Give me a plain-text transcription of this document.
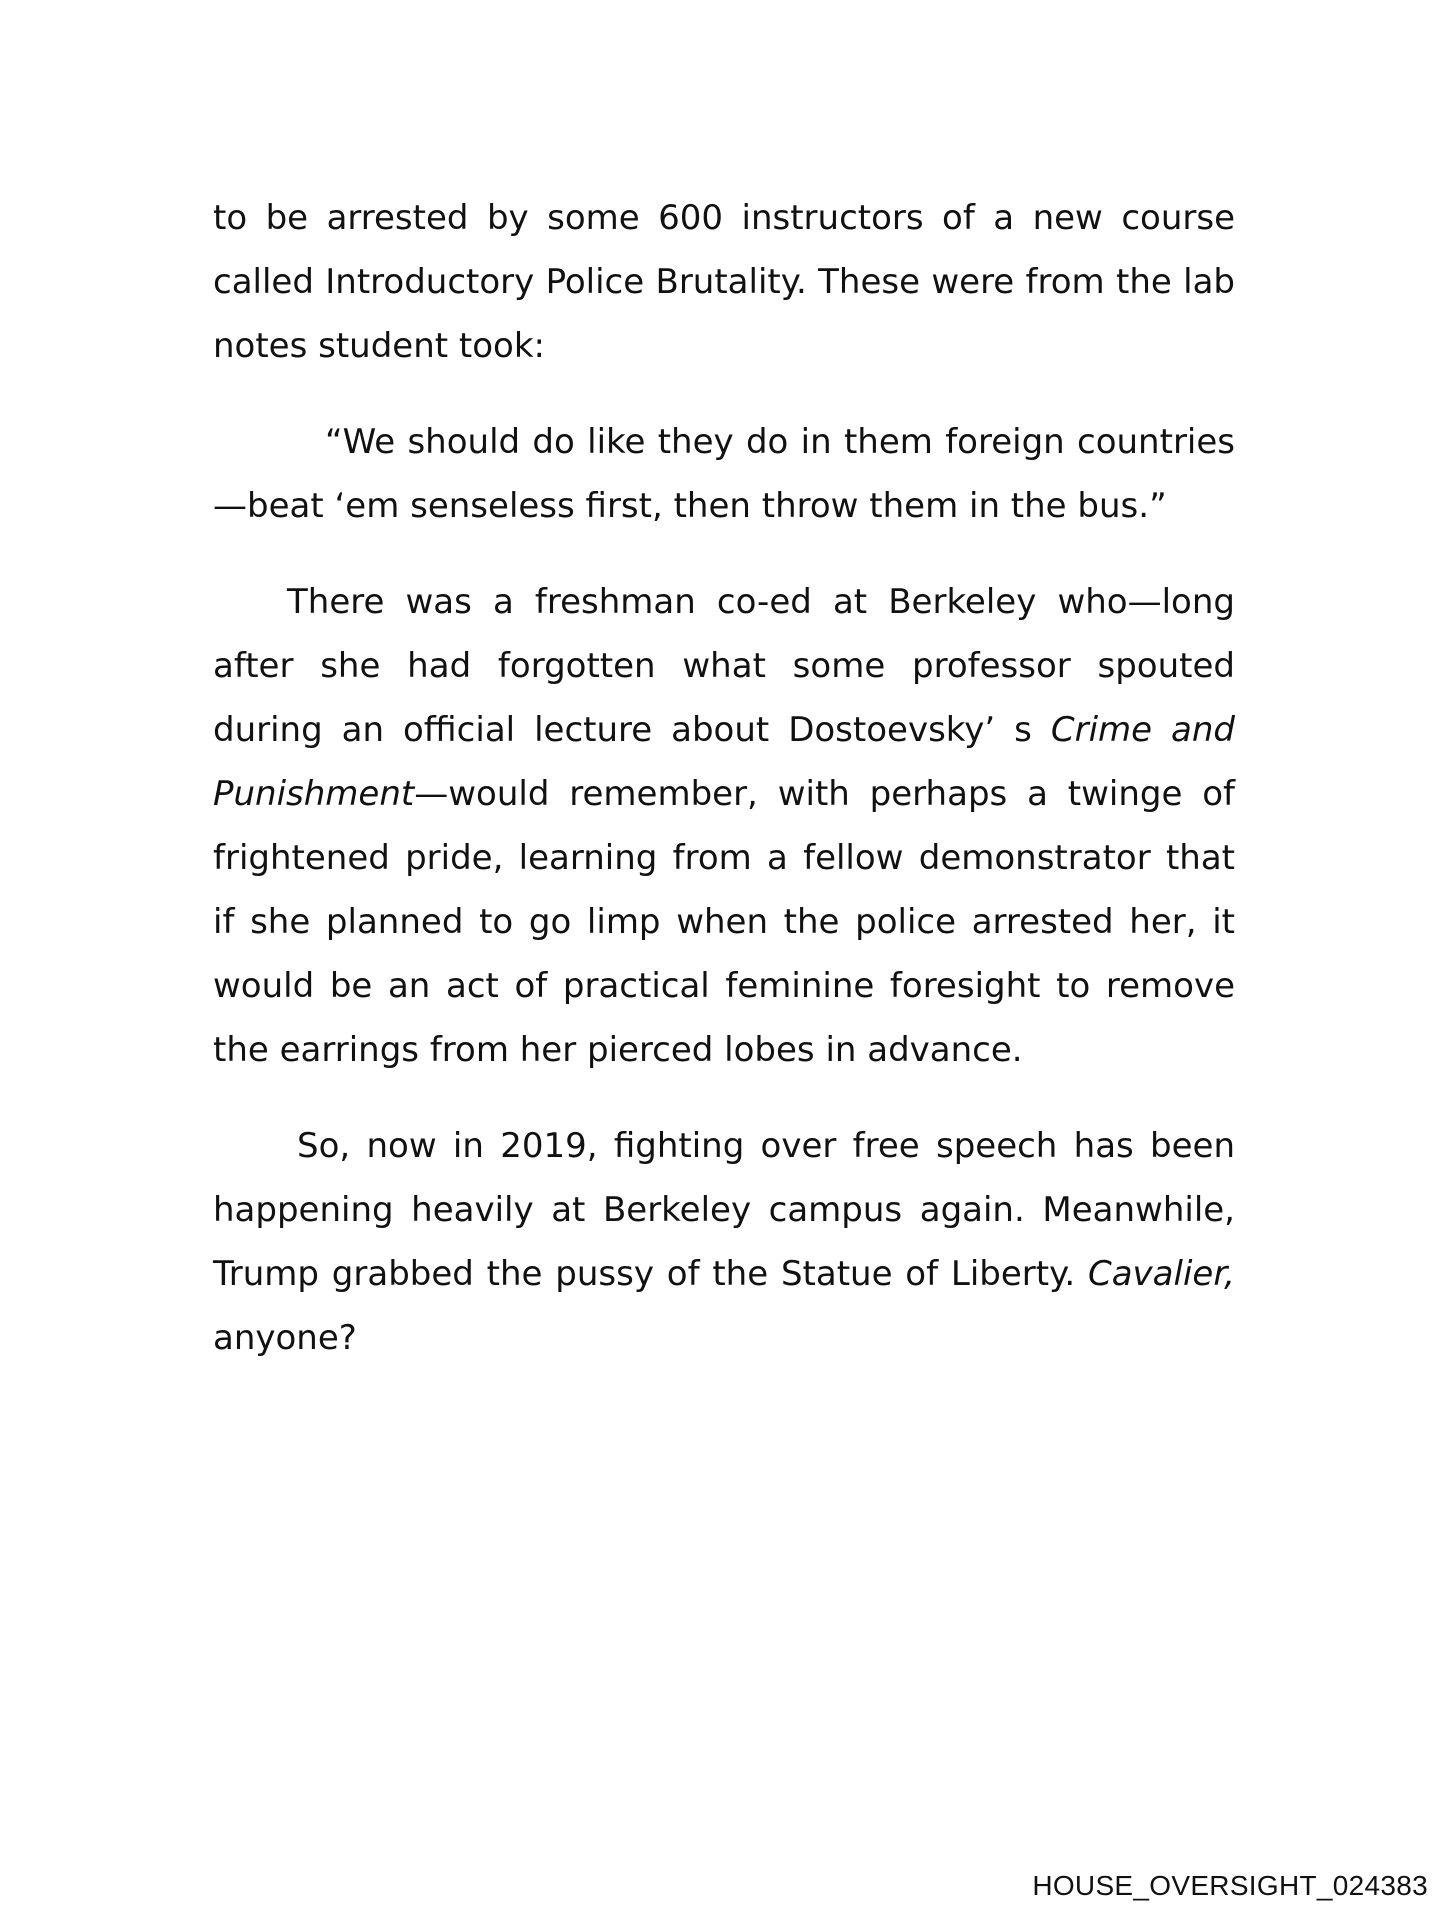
to be arrested by some 600 instructors of a new course called Introductory Police Brutality. These were from the lab notes student took:

“We should do like they do in them foreign countries—beat ‘em senseless first, then throw them in the bus.”

There was a freshman co-ed at Berkeley who—long after she had forgotten what some professor spouted during an official lecture about Dostoevsky’ s Crime and Punishment—would remember, with perhaps a twinge of frightened pride, learning from a fellow demonstrator that if she planned to go limp when the police arrested her, it would be an act of practical feminine foresight to remove the earrings from her pierced lobes in advance.

So, now in 2019, fighting over free speech has been happening heavily at Berkeley campus again. Meanwhile, Trump grabbed the pussy of the Statue of Liberty. Cavalier, anyone?

HOUSE_OVERSIGHT_024383
